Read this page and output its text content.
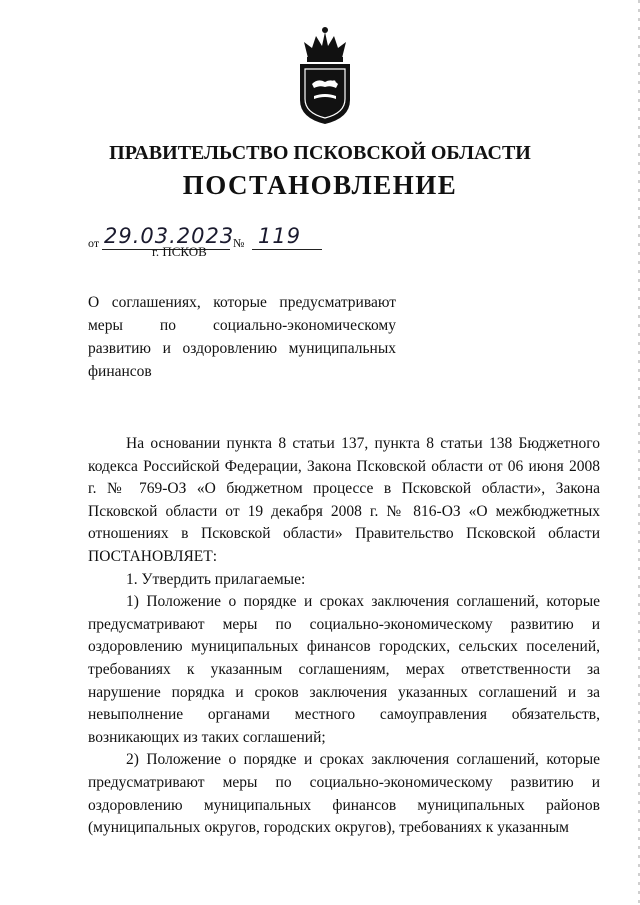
ПРАВИТЕЛЬСТВО ПСКОВСКОЙ ОБЛАСТИ
ПОСТАНОВЛЕНИЕ
от 29.03.2023
№ 119
г. ПСКОВ
О соглашениях, которые предусматривают меры по социально-экономическому развитию и оздоровлению муниципальных финансов

На основании пункта 8 статьи 137, пункта 8 статьи 138 Бюджетного кодекса Российской Федерации, Закона Псковской области от 06 июня 2008 г. № 769-ОЗ «О бюджетном процессе в Псковской области», Закона Псковской области от 19 декабря 2008 г. № 816-ОЗ «О межбюджетных отношениях в Псковской области» Правительство Псковской области ПОСТАНОВЛЯЕТ:

1. Утвердить прилагаемые:

1) Положение о порядке и сроках заключения соглашений, которые предусматривают меры по социально-экономическому развитию и оздоровлению муниципальных финансов городских, сельских поселений, требованиях к указанным соглашениям, мерах ответственности за нарушение порядка и сроков заключения указанных соглашений и за невыполнение органами местного самоуправления обязательств, возникающих из таких соглашений;

2) Положение о порядке и сроках заключения соглашений, которые предусматривают меры по социально-экономическому развитию и оздоровлению муниципальных финансов муниципальных районов (муниципальных округов, городских округов), требованиях к указанным
